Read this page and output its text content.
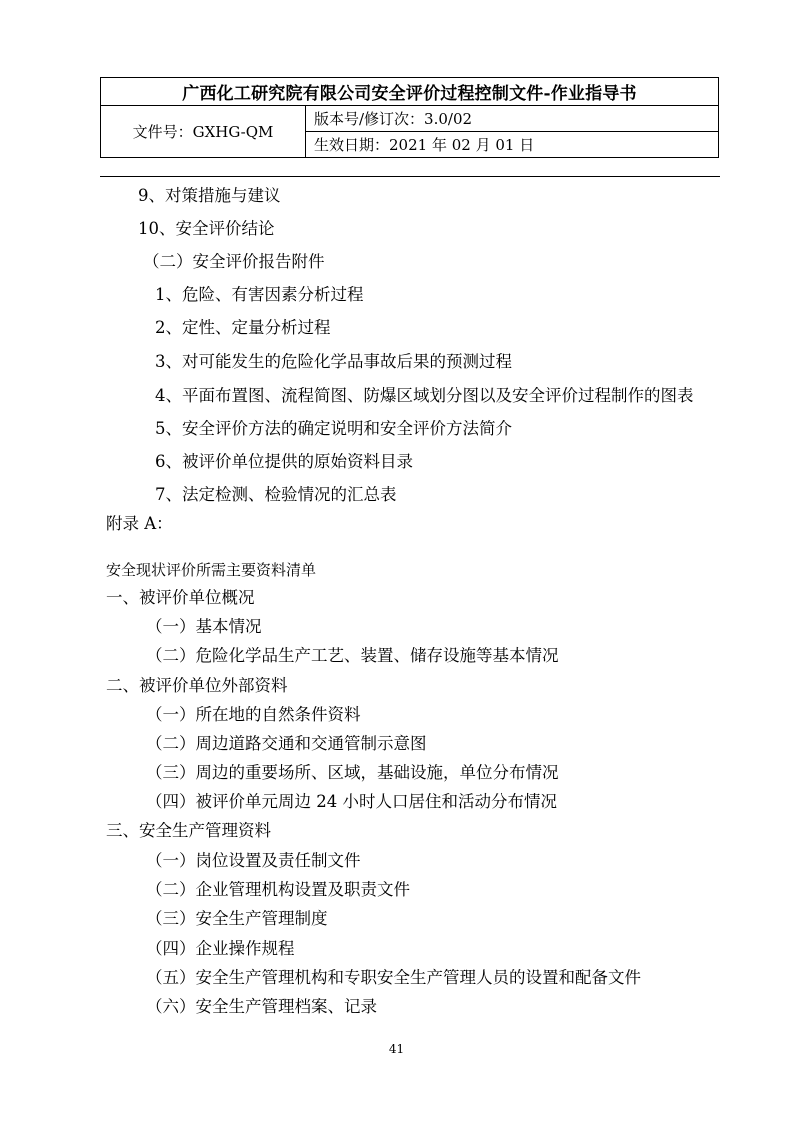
广西化工研究院有限公司安全评价过程控制文件-作业指导书
文件号：GXHG-QM	版本号/修订次：3.0/02
生效日期：2021 年 02 月 01 日
9、对策措施与建议
10、安全评价结论
（二）安全评价报告附件
1、危险、有害因素分析过程
2、定性、定量分析过程
3、对可能发生的危险化学品事故后果的预测过程
4、平面布置图、流程简图、防爆区域划分图以及安全评价过程制作的图表
5、安全评价方法的确定说明和安全评价方法简介
6、被评价单位提供的原始资料目录
7、法定检测、检验情况的汇总表
附录 A：
安全现状评价所需主要资料清单
一、被评价单位概况
（一）基本情况
（二）危险化学品生产工艺、装置、储存设施等基本情况
二、被评价单位外部资料
（一）所在地的自然条件资料
（二）周边道路交通和交通管制示意图
（三）周边的重要场所、区域，基础设施，单位分布情况
（四）被评价单元周边 24 小时人口居住和活动分布情况
三、安全生产管理资料
（一）岗位设置及责任制文件
（二）企业管理机构设置及职责文件
（三）安全生产管理制度
（四）企业操作规程
（五）安全生产管理机构和专职安全生产管理人员的设置和配备文件
（六）安全生产管理档案、记录
41
